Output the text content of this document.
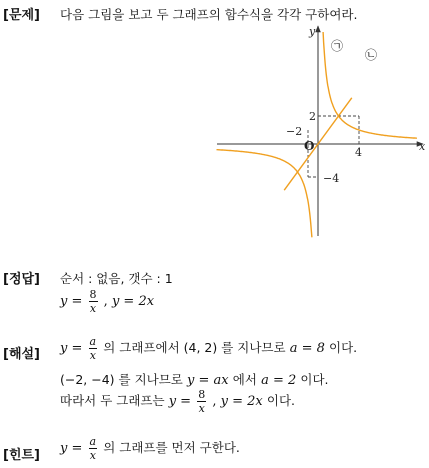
[문제] 다음 그림을 보고 두 그래프의 함수식을 각각 구하여라.
y
x
O
2
4
−2
−4
㉠
㉡
[정답] 순서 : 없음, 갯수 : 1
$y = \frac{8}{x}$ , y = 2x
[해설] $y = \frac{a}{x}$ 의 그래프에서 (4, 2) 를 지나므로 a = 8 이다.
(−2, −4) 를 지나므로 y = ax 에서 a = 2 이다.
따라서 두 그래프는 $y = \frac{8}{x}$ , y = 2x 이다.
[힌트] $y = \frac{a}{x}$ 의 그래프를 먼저 구한다.
